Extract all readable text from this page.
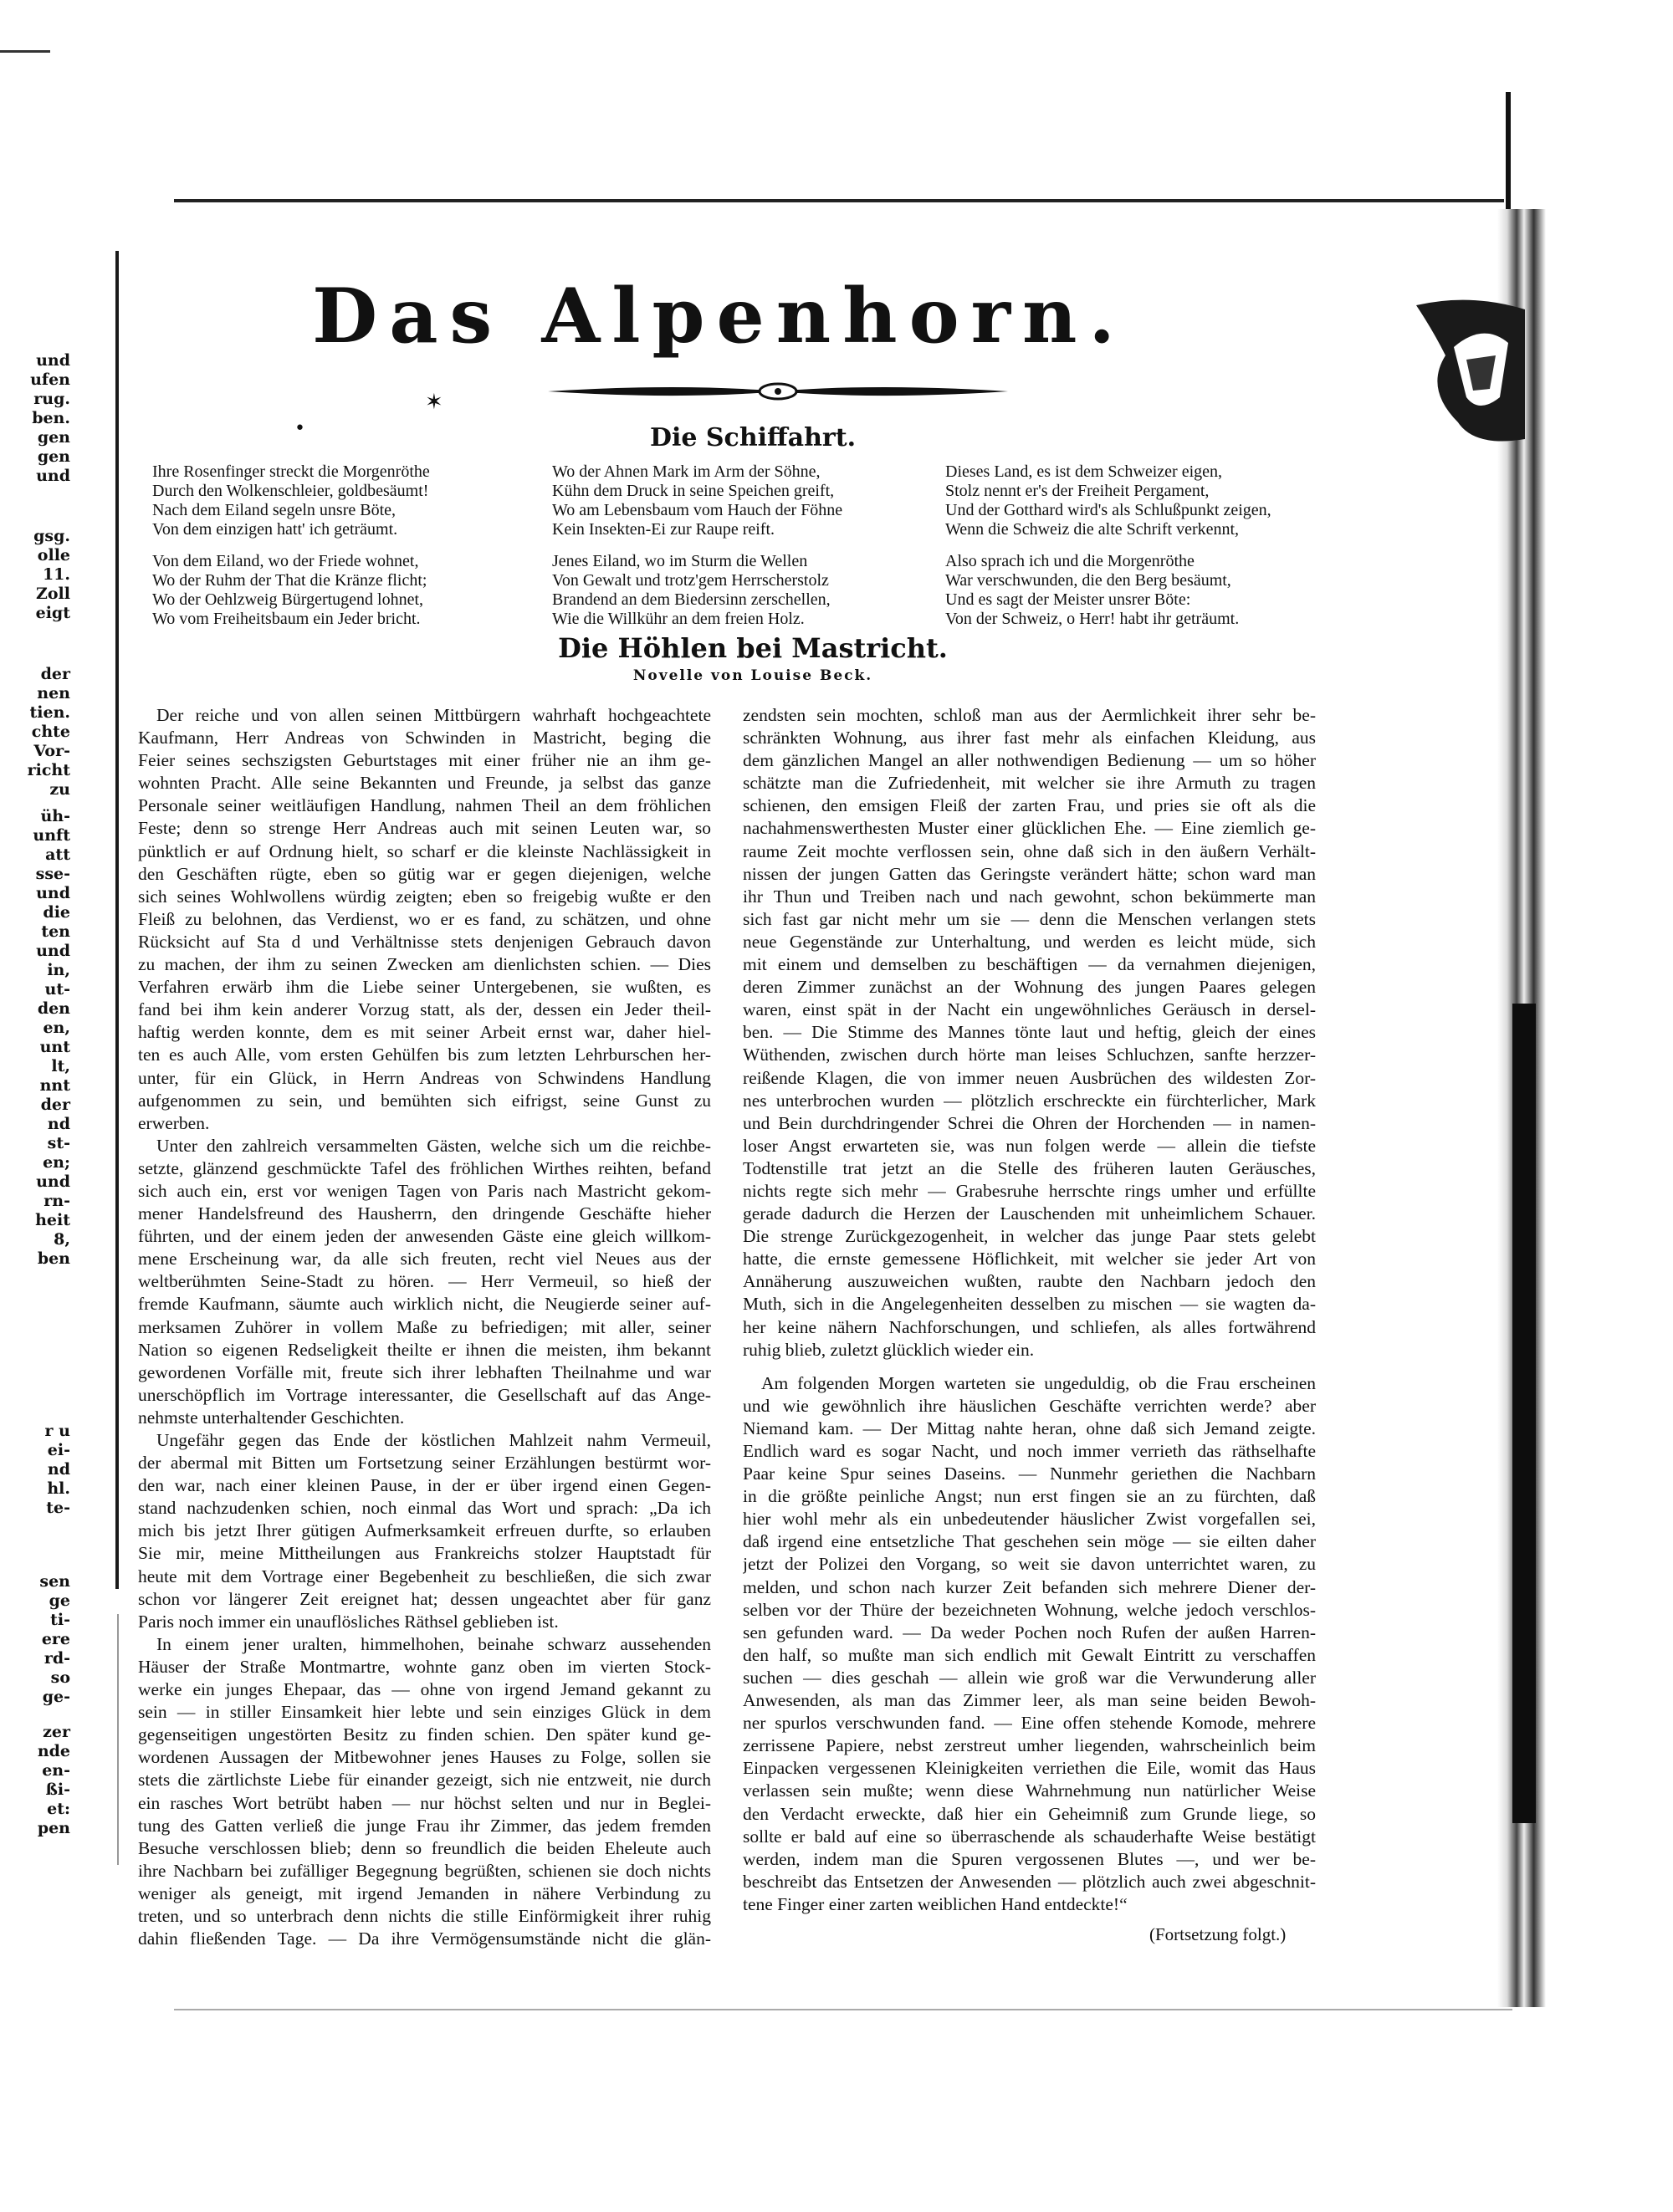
und
ufen
rug.
ben.
gen
gen
und
gsg.
olle
11.
Zoll
eigt
der
nen
tien.
chte
Vor-
richt
zu
üh-
unft
att
sse-
und
die
ten
und
in,
ut-
den
en,
unt
lt,
nnt
der
nd
st-
en;
und
rn-
heit
8,
ben
r u
ei-
nd
hl.
te-
sen
ge
ti-
ere
rd-
so
ge-
zer
nde
en-
ßi-
et:
pen
Das Alpenhorn.
✶
•	Die Schiffahrt.
Ihre Rosenfinger streckt die Morgenröthe
Durch den Wolkenschleier, goldbesäumt!
Nach dem Eiland segeln unsre Böte,
Von dem einzigen hatt' ich geträumt.
Von dem Eiland, wo der Friede wohnet,
Wo der Ruhm der That die Kränze flicht;
Wo der Oehlzweig Bürgertugend lohnet,
Wo vom Freiheitsbaum ein Jeder bricht.
Wo der Ahnen Mark im Arm der Söhne,
Kühn dem Druck in seine Speichen greift,
Wo am Lebensbaum vom Hauch der Föhne
Kein Insekten-Ei zur Raupe reift.
Jenes Eiland, wo im Sturm die Wellen
Von Gewalt und trotz'gem Herrscherstolz
Brandend an dem Biedersinn zerschellen,
Wie die Willkühr an dem freien Holz.
Dieses Land, es ist dem Schweizer eigen,
Stolz nennt er's der Freiheit Pergament,
Und der Gotthard wird's als Schlußpunkt zeigen,
Wenn die Schweiz die alte Schrift verkennt,
Also sprach ich und die Morgenröthe
War verschwunden, die den Berg besäumt,
Und es sagt der Meister unsrer Böte:
Von der Schweiz, o Herr! habt ihr geträumt.
Die Höhlen bei Mastricht.
Novelle von Louise Beck.
Der reiche und von allen seinen Mittbürgern wahrhaft hochgeachtete
Kaufmann, Herr Andreas von Schwinden in Mastricht, beging die
Feier seines sechszigsten Geburtstages mit einer früher nie an ihm ge-
wohnten Pracht. Alle seine Bekannten und Freunde, ja selbst das ganze
Personale seiner weitläufigen Handlung, nahmen Theil an dem fröhlichen
Feste; denn so strenge Herr Andreas auch mit seinen Leuten war, so
pünktlich er auf Ordnung hielt, so scharf er die kleinste Nachlässigkeit in
den Geschäften rügte, eben so gütig war er gegen diejenigen, welche
sich seines Wohlwollens würdig zeigten; eben so freigebig wußte er den
Fleiß zu belohnen, das Verdienst, wo er es fand, zu schätzen, und ohne
Rücksicht auf Sta d und Verhältnisse stets denjenigen Gebrauch davon
zu machen, der ihm zu seinen Zwecken am dienlichsten schien. — Dies
Verfahren erwärb ihm die Liebe seiner Untergebenen, sie wußten, es
fand bei ihm kein anderer Vorzug statt, als der, dessen ein Jeder theil-
haftig werden konnte, dem es mit seiner Arbeit ernst war, daher hiel-
ten es auch Alle, vom ersten Gehülfen bis zum letzten Lehrburschen her-
unter, für ein Glück, in Herrn Andreas von Schwindens Handlung
aufgenommen zu sein, und bemühten sich eifrigst, seine Gunst zu
erwerben.
Unter den zahlreich versammelten Gästen, welche sich um die reichbe-
setzte, glänzend geschmückte Tafel des fröhlichen Wirthes reihten, befand
sich auch ein, erst vor wenigen Tagen von Paris nach Mastricht gekom-
mener Handelsfreund des Hausherrn, den dringende Geschäfte hieher
führten, und der einem jeden der anwesenden Gäste eine gleich willkom-
mene Erscheinung war, da alle sich freuten, recht viel Neues aus der
weltberühmten Seine-Stadt zu hören. — Herr Vermeuil, so hieß der
fremde Kaufmann, säumte auch wirklich nicht, die Neugierde seiner auf-
merksamen Zuhörer in vollem Maße zu befriedigen; mit aller, seiner
Nation so eigenen Redseligkeit theilte er ihnen die meisten, ihm bekannt
gewordenen Vorfälle mit, freute sich ihrer lebhaften Theilnahme und war
unerschöpflich im Vortrage interessanter, die Gesellschaft auf das Ange-
nehmste unterhaltender Geschichten.
Ungefähr gegen das Ende der köstlichen Mahlzeit nahm Vermeuil,
der abermal mit Bitten um Fortsetzung seiner Erzählungen bestürmt wor-
den war, nach einer kleinen Pause, in der er über irgend einen Gegen-
stand nachzudenken schien, noch einmal das Wort und sprach: „Da ich
mich bis jetzt Ihrer gütigen Aufmerksamkeit erfreuen durfte, so erlauben
Sie mir, meine Mittheilungen aus Frankreichs stolzer Hauptstadt für
heute mit dem Vortrage einer Begebenheit zu beschließen, die sich zwar
schon vor längerer Zeit ereignet hat; dessen ungeachtet aber für ganz
Paris noch immer ein unauflösliches Räthsel geblieben ist.
In einem jener uralten, himmelhohen, beinahe schwarz aussehenden
Häuser der Straße Montmartre, wohnte ganz oben im vierten Stock-
werke ein junges Ehepaar, das — ohne von irgend Jemand gekannt zu
sein — in stiller Einsamkeit hier lebte und sein einziges Glück in dem
gegenseitigen ungestörten Besitz zu finden schien. Den später kund ge-
wordenen Aussagen der Mitbewohner jenes Hauses zu Folge, sollen sie
stets die zärtlichste Liebe für einander gezeigt, sich nie entzweit, nie durch
ein rasches Wort betrübt haben — nur höchst selten und nur in Beglei-
tung des Gatten verließ die junge Frau ihr Zimmer, das jedem fremden
Besuche verschlossen blieb; denn so freundlich die beiden Eheleute auch
ihre Nachbarn bei zufälliger Begegnung begrüßten, schienen sie doch nichts
weniger als geneigt, mit irgend Jemanden in nähere Verbindung zu
treten, und so unterbrach denn nichts die stille Einförmigkeit ihrer ruhig
dahin fließenden Tage. — Da ihre Vermögensumstände nicht die glän-
zendsten sein mochten, schloß man aus der Aermlichkeit ihrer sehr be-
schränkten Wohnung, aus ihrer fast mehr als einfachen Kleidung, aus
dem gänzlichen Mangel an aller nothwendigen Bedienung — um so höher
schätzte man die Zufriedenheit, mit welcher sie ihre Armuth zu tragen
schienen, den emsigen Fleiß der zarten Frau, und pries sie oft als die
nachahmenswerthesten Muster einer glücklichen Ehe. — Eine ziemlich ge-
raume Zeit mochte verflossen sein, ohne daß sich in den äußern Verhält-
nissen der jungen Gatten das Geringste verändert hätte; schon ward man
ihr Thun und Treiben nach und nach gewohnt, schon bekümmerte man
sich fast gar nicht mehr um sie — denn die Menschen verlangen stets
neue Gegenstände zur Unterhaltung, und werden es leicht müde, sich
mit einem und demselben zu beschäftigen — da vernahmen diejenigen,
deren Zimmer zunächst an der Wohnung des jungen Paares gelegen
waren, einst spät in der Nacht ein ungewöhnliches Geräusch in dersel-
ben. — Die Stimme des Mannes tönte laut und heftig, gleich der eines
Wüthenden, zwischen durch hörte man leises Schluchzen, sanfte herzzer-
reißende Klagen, die von immer neuen Ausbrüchen des wildesten Zor-
nes unterbrochen wurden — plötzlich erschreckte ein fürchterlicher, Mark
und Bein durchdringender Schrei die Ohren der Horchenden — in namen-
loser Angst erwarteten sie, was nun folgen werde — allein die tiefste
Todtenstille trat jetzt an die Stelle des früheren lauten Geräusches,
nichts regte sich mehr — Grabesruhe herrschte rings umher und erfüllte
gerade dadurch die Herzen der Lauschenden mit unheimlichem Schauer.
Die strenge Zurückgezogenheit, in welcher das junge Paar stets gelebt
hatte, die ernste gemessene Höflichkeit, mit welcher sie jeder Art von
Annäherung auszuweichen wußten, raubte den Nachbarn jedoch den
Muth, sich in die Angelegenheiten desselben zu mischen — sie wagten da-
her keine nähern Nachforschungen, und schliefen, als alles fortwährend
ruhig blieb, zuletzt glücklich wieder ein.
Am folgenden Morgen warteten sie ungeduldig, ob die Frau erscheinen
und wie gewöhnlich ihre häuslichen Geschäfte verrichten werde? aber
Niemand kam. — Der Mittag nahte heran, ohne daß sich Jemand zeigte.
Endlich ward es sogar Nacht, und noch immer verrieth das räthselhafte
Paar keine Spur seines Daseins. — Nunmehr geriethen die Nachbarn
in die größte peinliche Angst; nun erst fingen sie an zu fürchten, daß
hier wohl mehr als ein unbedeutender häuslicher Zwist vorgefallen sei,
daß irgend eine entsetzliche That geschehen sein möge — sie eilten daher
jetzt der Polizei den Vorgang, so weit sie davon unterrichtet waren, zu
melden, und schon nach kurzer Zeit befanden sich mehrere Diener der-
selben vor der Thüre der bezeichneten Wohnung, welche jedoch verschlos-
sen gefunden ward. — Da weder Pochen noch Rufen der außen Harren-
den half, so mußte man sich endlich mit Gewalt Eintritt zu verschaffen
suchen — dies geschah — allein wie groß war die Verwunderung aller
Anwesenden, als man das Zimmer leer, als man seine beiden Bewoh-
ner spurlos verschwunden fand. — Eine offen stehende Komode, mehrere
zerrissene Papiere, nebst zerstreut umher liegenden, wahrscheinlich beim
Einpacken vergessenen Kleinigkeiten verriethen die Eile, womit das Haus
verlassen sein mußte; wenn diese Wahrnehmung nun natürlicher Weise
den Verdacht erweckte, daß hier ein Geheimniß zum Grunde liege, so
sollte er bald auf eine so überraschende als schauderhafte Weise bestätigt
werden, indem man die Spuren vergossenen Blutes —, und wer be-
beschreibt das Entsetzen der Anwesenden — plötzlich auch zwei abgeschnit-
tene Finger einer zarten weiblichen Hand entdeckte!“
(Fortsetzung folgt.)
